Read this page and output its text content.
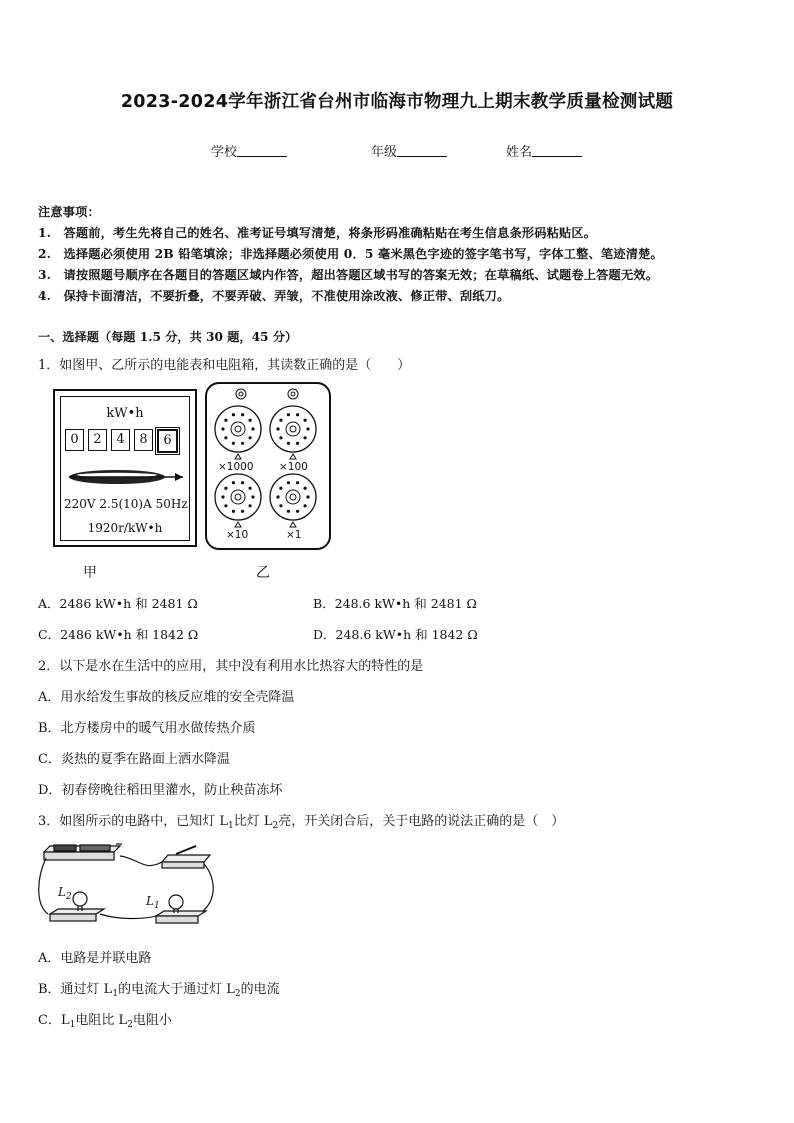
2023-2024学年浙江省台州市临海市物理九上期末教学质量检测试题
学校	年级	姓名
注意事项：
1.　答题前，考生先将自己的姓名、准考证号填写清楚，将条形码准确粘贴在考生信息条形码粘贴区。
2.　选择题必须使用 2B 铅笔填涂；非选择题必须使用 0．5 毫米黑色字迹的签字笔书写，字体工整、笔迹清楚。
3.　请按照题号顺序在各题目的答题区域内作答，超出答题区域书写的答案无效；在草稿纸、试题卷上答题无效。
4.　保持卡面清洁，不要折叠，不要弄破、弄皱，不准使用涂改液、修正带、刮纸刀。
一、选择题（每题 1.5 分，共 30 题，45 分）
1．如图甲、乙所示的电能表和电阻箱，其读数正确的是（　　）
kW•h
0	2	4	8	6
220V 2.5(10)A 50Hz
1920r/kW•h
甲
×1000 ×100
×10	×1
乙
A．2486 kW•h 和 2481 Ω	B．248.6 kW•h 和 2481 Ω
C．2486 kW•h 和 1842 Ω	D．248.6 kW•h 和 1842 Ω
2．以下是水在生活中的应用，其中没有利用水比热容大的特性的是
A．用水给发生事故的核反应堆的安全壳降温
B．北方楼房中的暖气用水做传热介质
C．炎热的夏季在路面上洒水降温
D．初春傍晚往稻田里灌水，防止秧苗冻坏
3．如图所示的电路中，已知灯 $L_1$比灯 $L_2$亮，开关闭合后，关于电路的说法正确的是（　）
$L_2$	$L_1$
A．电路是并联电路
B．通过灯 $L_1$的电流大于通过灯 $L_2$的电流
C．$L_1$电阻比 $L_2$电阻小
